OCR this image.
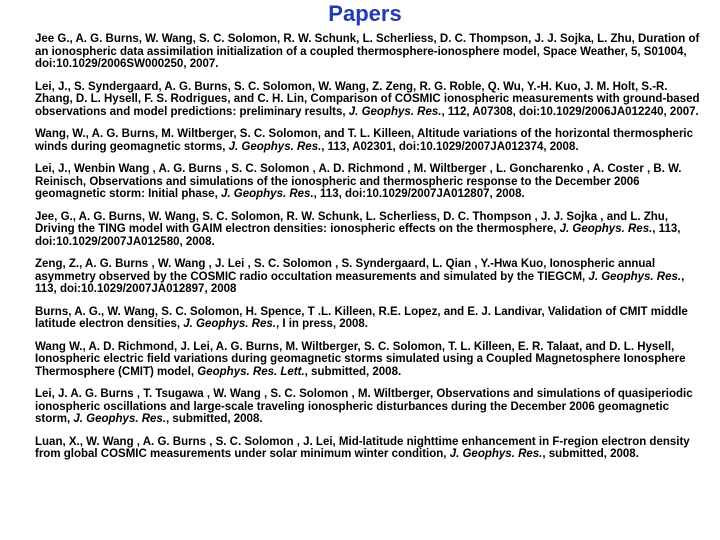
Papers
Jee G., A. G. Burns, W. Wang, S. C. Solomon, R. W. Schunk, L. Scherliess, D. C. Thompson, J. J. Sojka, L. Zhu, Duration of an ionospheric data assimilation initialization of a coupled thermosphere-ionosphere model, Space Weather, 5, S01004, doi:10.1029/2006SW000250, 2007.
Lei, J., S. Syndergaard, A. G. Burns, S. C. Solomon, W. Wang, Z. Zeng, R. G. Roble, Q. Wu, Y.-H. Kuo, J. M. Holt, S.-R. Zhang, D. L. Hysell, F. S. Rodrigues, and C. H. Lin, Comparison of COSMIC ionospheric measurements with ground-based observations and model predictions: preliminary results, J. Geophys. Res., 112, A07308, doi:10.1029/2006JA012240, 2007.
Wang, W., A. G. Burns, M. Wiltberger, S. C. Solomon, and T. L. Killeen, Altitude variations of the horizontal thermospheric winds during geomagnetic storms, J. Geophys. Res., 113, A02301, doi:10.1029/2007JA012374, 2008.
Lei, J., Wenbin Wang , A. G. Burns , S. C. Solomon , A. D. Richmond , M. Wiltberger , L. Goncharenko , A. Coster , B. W. Reinisch, Observations and simulations of the ionospheric and thermospheric response to the December 2006 geomagnetic storm: Initial phase, J. Geophys. Res., 113, doi:10.1029/2007JA012807, 2008.
Jee, G., A. G. Burns, W. Wang, S. C. Solomon, R. W. Schunk, L. Scherliess, D. C. Thompson , J. J. Sojka , and L. Zhu, Driving the TING model with GAIM electron densities: ionospheric effects on the thermosphere, J. Geophys. Res., 113, doi:10.1029/2007JA012580, 2008.
Zeng, Z., A. G. Burns , W. Wang , J. Lei , S. C. Solomon , S. Syndergaard, L. Qian , Y.-Hwa Kuo, Ionospheric annual asymmetry observed by the COSMIC radio occultation measurements and simulated by the TIEGCM, J. Geophys. Res., 113, doi:10.1029/2007JA012897, 2008
Burns, A. G., W. Wang, S. C. Solomon, H. Spence, T .L. Killeen, R.E. Lopez, and E. J. Landivar, Validation of CMIT middle latitude electron densities, J. Geophys. Res., I in press, 2008.
Wang W., A. D. Richmond, J. Lei, A. G. Burns, M. Wiltberger, S. C. Solomon, T. L. Killeen, E. R. Talaat, and D. L. Hysell, Ionospheric electric field variations during geomagnetic storms simulated using a Coupled Magnetosphere Ionosphere Thermosphere (CMIT) model, Geophys. Res. Lett., submitted, 2008.
Lei, J. A. G. Burns , T. Tsugawa , W. Wang , S. C. Solomon , M. Wiltberger, Observations and simulations of quasiperiodic ionospheric oscillations and large-scale traveling ionospheric disturbances during the December 2006 geomagnetic storm, J. Geophys. Res., submitted, 2008.
Luan, X., W. Wang , A. G. Burns , S. C. Solomon , J. Lei, Mid-latitude nighttime enhancement in F-region electron density from global COSMIC measurements under solar minimum winter condition, J. Geophys. Res., submitted, 2008.
